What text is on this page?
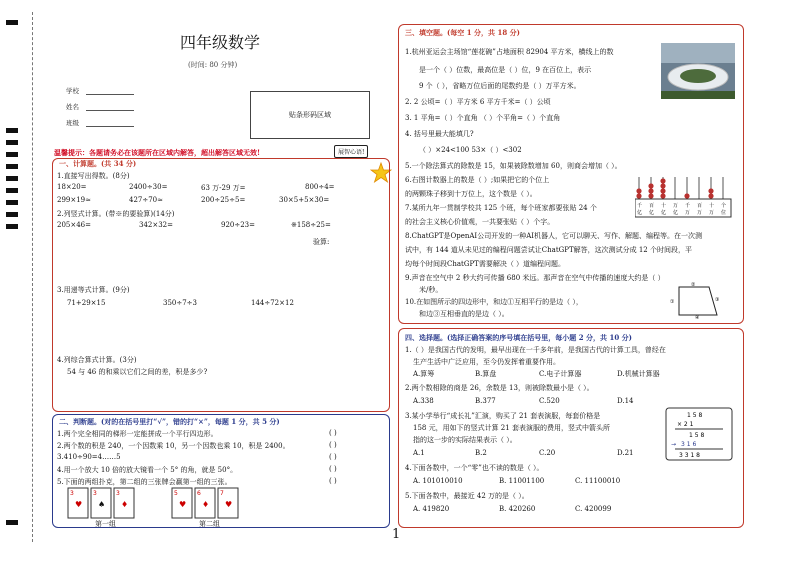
四年级数学
(时间: 80 分钟)
学校
姓名
班级
贴条形码区域
温馨提示：各题请务必在该题所在区域内解答，超出解答区域无效!	展智心语!
一、计算题。(共 34 分)
1.直接写出得数。(8分)
18×20=	2400÷30=	63 万-29 万=	800÷4=
299×19≈	427÷70≈	200÷25÷5=	30×5+5×30=
2.列竖式计算。(带※的要验算)(14分)
205×46=	342×32=	920÷23=	※158÷25=
验算:
3.用递等式计算。(9分)
71+29×15	350÷7÷3	144÷72×12
4.列综合算式计算。(3分)
54 与 46 的和乘以它们之间的差，积是多少?
二、判断题。(对的在括号里打“√”，错的打“×”，每题 1 分，共 5 分)
1.两个完全相同的梯形一定能拼成一个平行四边形。	( )
2.两个数的积是 240，一个因数乘 10，另一个因数也乘 10，积是 2400。	( )
3.410÷90=4……5	( )
4.用一个放大 10 倍的放大镜看一个 5° 的角，就是 50°。	( )
5.下面的两组扑克，第二组的三张牌会赢第一组的三张。	( )
3	3	3
♥ ♠ ♦
第一组
5	6	7
♥ ♦ ♥
第二组
三、填空题。(每空 1 分，共 18 分)
1.杭州亚运会主场馆“莲花碗”占地面积 82904 平方米，横线上的数
是一个（ ）位数，最高位是（ ）位，9 在百位上，表示
9 个（ ），省略万位后面的尾数约是（ ）万平方米。
2. 2 公顷=（ ）平方米 6 平方千米=（ ）公顷
3. 1 平角=（ ）个直角 （ ）个平角=（ ）个直角
4. 括号里最大能填几?
（ ）×24<100 53×（ ）<302
5.一个除法算式的除数是 15，如果被除数增加 60，则商会增加（ ）。
6.右图计数器上的数是（ ）;如果把它的个位上
的两颗珠子移到十万位上，这个数是（ ）。
7.某所九年一贯制学校共 125 个班，每个班家都要张贴 24 个
的社会主义核心价值观，一共要张贴（ ）个字。
8.ChatGPT是OpenAI公司开发的一种AI机器人，它可以聊天、写作、解题、编程等。在一次测
试中，有 144 道从未见过的编程问题尝试让ChatGPT解答，这次测试分成 12 个时间段，平
均每个时间段ChatGPT需要解决（ ）道编程问题。
9.声音在空气中 2 秒大约可传播 680 米远。那声音在空气中传播的速度大约是（ ）
米/秒。
10.在如图所示的四边形中，和边①互相平行的是边（ ），
和边③互相垂直的是边（ ）。
千 百 十 万 千 百 十 个
亿 亿 亿 亿 万 万 万 位
②
①	③
④
四、选择题。(选择正确答案的序号填在括号里，每小题 2 分，共 10 分)
1.（ ）是我国古代的发明，最早出现在一千多年前，是我国古代的计算工具，曾经在
生产生活中广泛应用，至今仍发挥着重要作用。
A.算筹	B.算盘	C.电子计算器	D.机械计算器
2.两个数相除的商是 26，余数是 13，则被除数最小是（ ）。
A.338	B.377	C.520	D.14
3.某小学举行“成长礼”汇演，购买了 21 套表演服，每套价格是
158 元，用如下的竖式计算 21 套表演服的费用，竖式中箭头所
指的这一步的实际结果表示（ ）。
A.1	B.2	C.20	D.21
4.下面各数中，一个“零”也不读的数是（ ）。
A. 101010010	B. 11001100	C. 11100010
5.下面各数中，最接近 42 万的是（ ）。
A. 419820	B. 420260	C. 420099
1 5 8
× 2 1
1 5 8
3 1 6
→
3 3 1 8
1
